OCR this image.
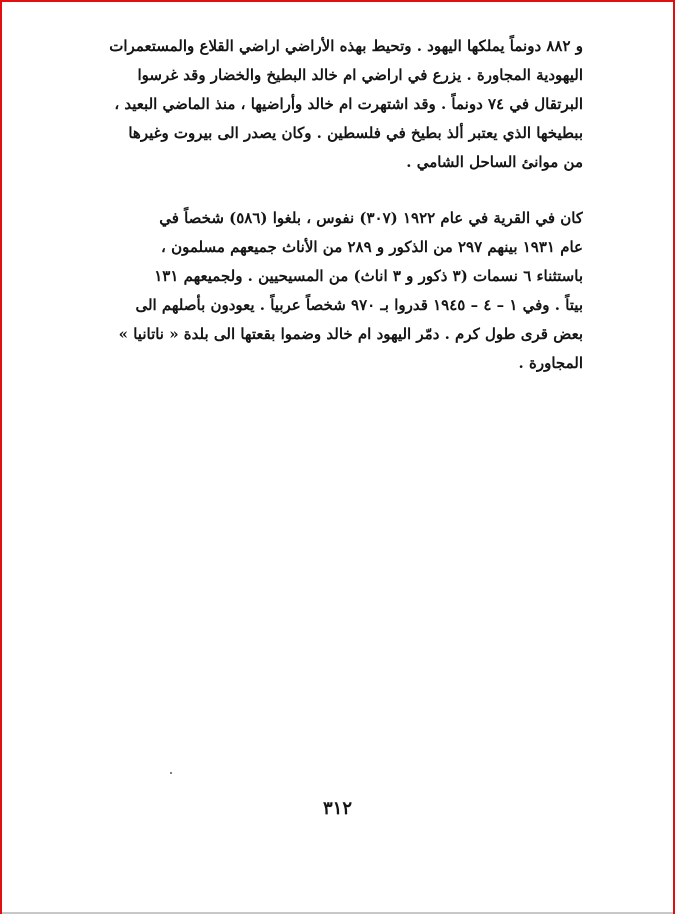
و ٨٨٢ دونماً يملكها اليهود . وتحيط بهذه الأراضي اراضي القلاع والمستعمرات
اليهودية المجاورة . يزرع في اراضي ام خالد البطيخ والخضار وقد غرسوا
البرتقال في ٧٤ دونماً . وقد اشتهرت ام خالد وأراضيها ، منذ الماضي البعيد ،
ببطيخها الذي يعتبر ألذ بطيخ في فلسطين . وكان يصدر الى بيروت وغيرها
من موانئ الساحل الشامي .
كان في القرية في عام ١٩٢٢ (٣٠٧) نفوس ، بلغوا (٥٨٦) شخصاً في
عام ١٩٣١ بينهم ٢٩٧ من الذكور و ٢٨٩ من الأناث جميعهم مسلمون ،
باستثناء ٦ نسمات (٣ ذكور و ٣ اناث) من المسيحيين . ولجميعهم ١٣١
بيتاً . وفي ١ – ٤ – ١٩٤٥ قدروا بـ ٩٧٠ شخصاً عربياً . يعودون بأصلهم الى
بعض قرى طول كرم . دمّر اليهود ام خالد وضموا بقعتها الى بلدة « ناتانيا »
المجاورة .
٣١٢
